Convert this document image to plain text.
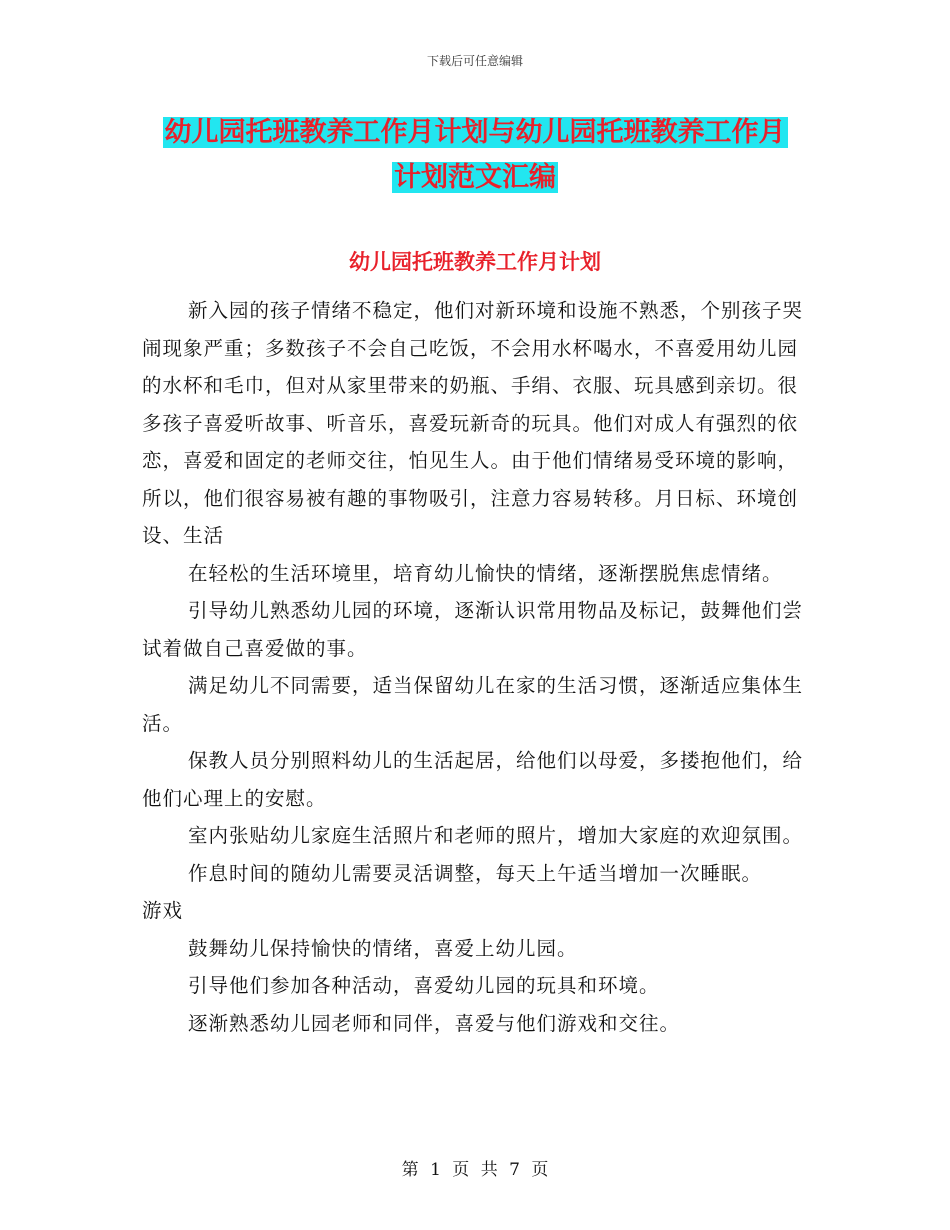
下载后可任意编辑
幼儿园托班教养工作月计划与幼儿园托班教养工作月
计划范文汇编
幼儿园托班教养工作月计划

新入园的孩子情绪不稳定，他们对新环境和设施不熟悉，个别孩子哭闹现象严重；多数孩子不会自己吃饭，不会用水杯喝水，不喜爱用幼儿园的水杯和毛巾，但对从家里带来的奶瓶、手绢、衣服、玩具感到亲切。很多孩子喜爱听故事、听音乐，喜爱玩新奇的玩具。他们对成人有强烈的依恋，喜爱和固定的老师交往，怕见生人。由于他们情绪易受环境的影响，所以，他们很容易被有趣的事物吸引，注意力容易转移。月日标、环境创设、生活

在轻松的生活环境里，培育幼儿愉快的情绪，逐渐摆脱焦虑情绪。

引导幼儿熟悉幼儿园的环境，逐渐认识常用物品及标记，鼓舞他们尝试着做自己喜爱做的事。

满足幼儿不同需要，适当保留幼儿在家的生活习惯，逐渐适应集体生活。

保教人员分别照料幼儿的生活起居，给他们以母爱，多搂抱他们，给他们心理上的安慰。

室内张贴幼儿家庭生活照片和老师的照片，增加大家庭的欢迎氛围。

作息时间的随幼儿需要灵活调整，每天上午适当增加一次睡眠。

游戏

鼓舞幼儿保持愉快的情绪，喜爱上幼儿园。

引导他们参加各种活动，喜爱幼儿园的玩具和环境。

逐渐熟悉幼儿园老师和同伴，喜爱与他们游戏和交往。

第 1 页 共 7 页
